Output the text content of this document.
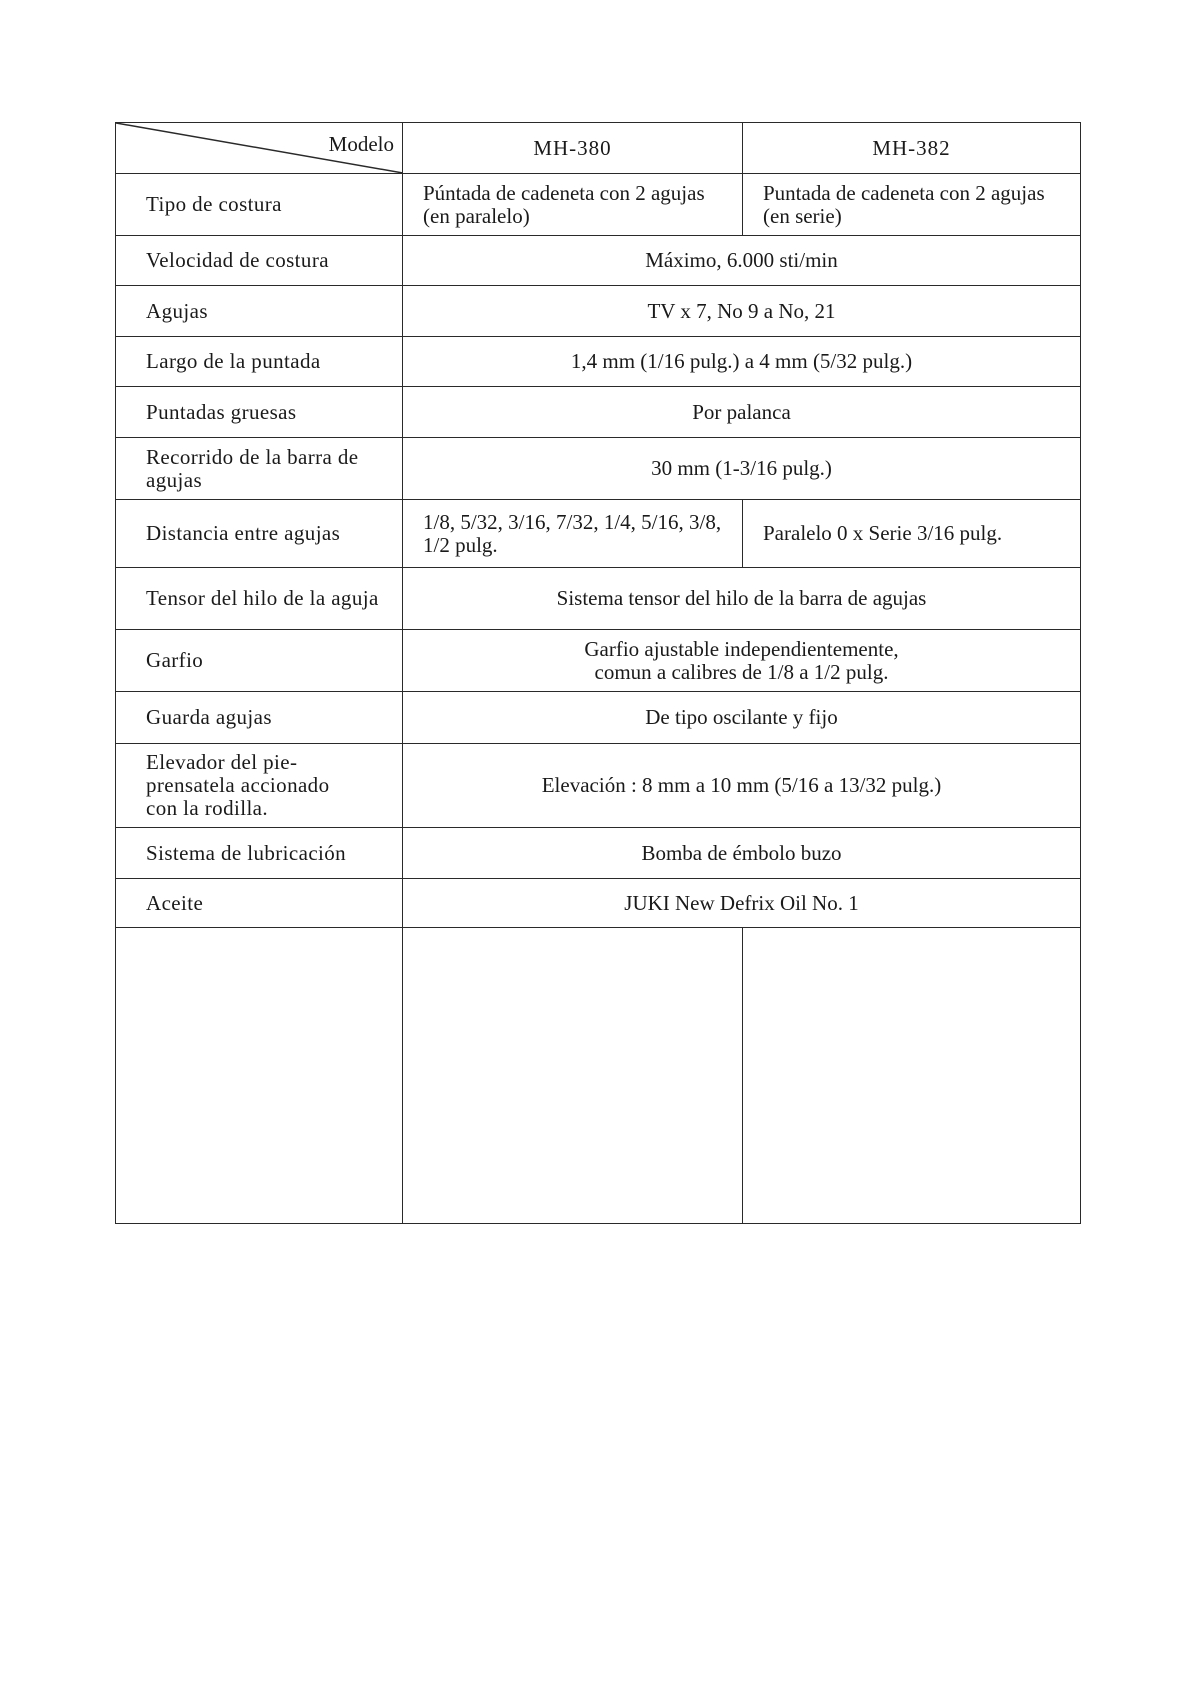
Modelo	MH-380	MH-382
Tipo de costura	Púntada de cadeneta con 2 agujas (en paralelo)	Puntada de cadeneta con 2 agujas (en serie)
Velocidad de costura	Máximo, 6.000 sti/min	
Agujas	TV x 7, No 9 a No, 21	
Largo de la puntada	1,4 mm (1/16 pulg.) a 4 mm (5/32 pulg.)	
Puntadas gruesas	Por palanca	
Recorrido de la barra de agujas	30 mm (1-3/16 pulg.)	
Distancia entre agujas	1/8, 5/32, 3/16, 7/32, 1/4, 5/16, 3/8, 1/2 pulg.	Paralelo 0 x Serie 3/16 pulg.
Tensor del hilo de la aguja	Sistema tensor del hilo de la barra de agujas	
Garfio	Garfio ajustable independientemente,
comun a calibres de 1/8 a 1/2 pulg.	

Guarda agujas	De tipo oscilante y fijo	

Elevador del pie-
prensatela accionado
con la rodilla.	Elevación : 8 mm a 10 mm (5/16 a 13/32 pulg.)	
Sistema de lubricación	Bomba de émbolo buzo	
Aceite	JUKI New Defrix Oil No. 1	
